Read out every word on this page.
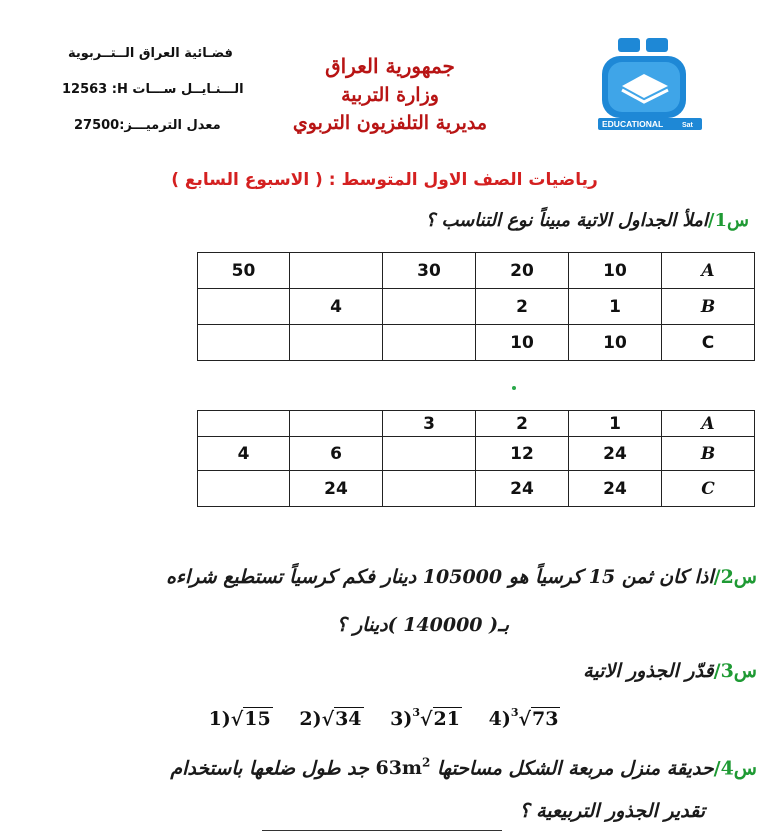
فضـائية العراق الــتــربوية
12563 :H الـــنـايــل ســـات
27500معدل الترميـــز:
جمهورية العراق
وزارة التربية
مديرية التلفزيون التربوي	EDUCATIONAL	Sat
رياضيات الصف الاول المتوسط : ( الاسبوع السابع )
س1/املأ الجداول الاتية مبيناً نوع التناسب ؟
A	10	20	30		50
B	1	2		4	
C	10	10			
A	1	2	3		
B	24	12		6	4
C	24	24		24	
س2/اذا كان ثمن 15 كرسياً هو 105000 دينار فكم كرسياً تستطيع شراءه
بـ( 140000 )دينار ؟
س3/قدّر الجذور الاتية
1)√15 2)√34 3)$^3$√21 4)$^3$√73
س4/حديقة منزل مربعة الشكل مساحتها $63m^2$ جد طول ضلعها باستخدام
تقدير الجذور التربيعية ؟
